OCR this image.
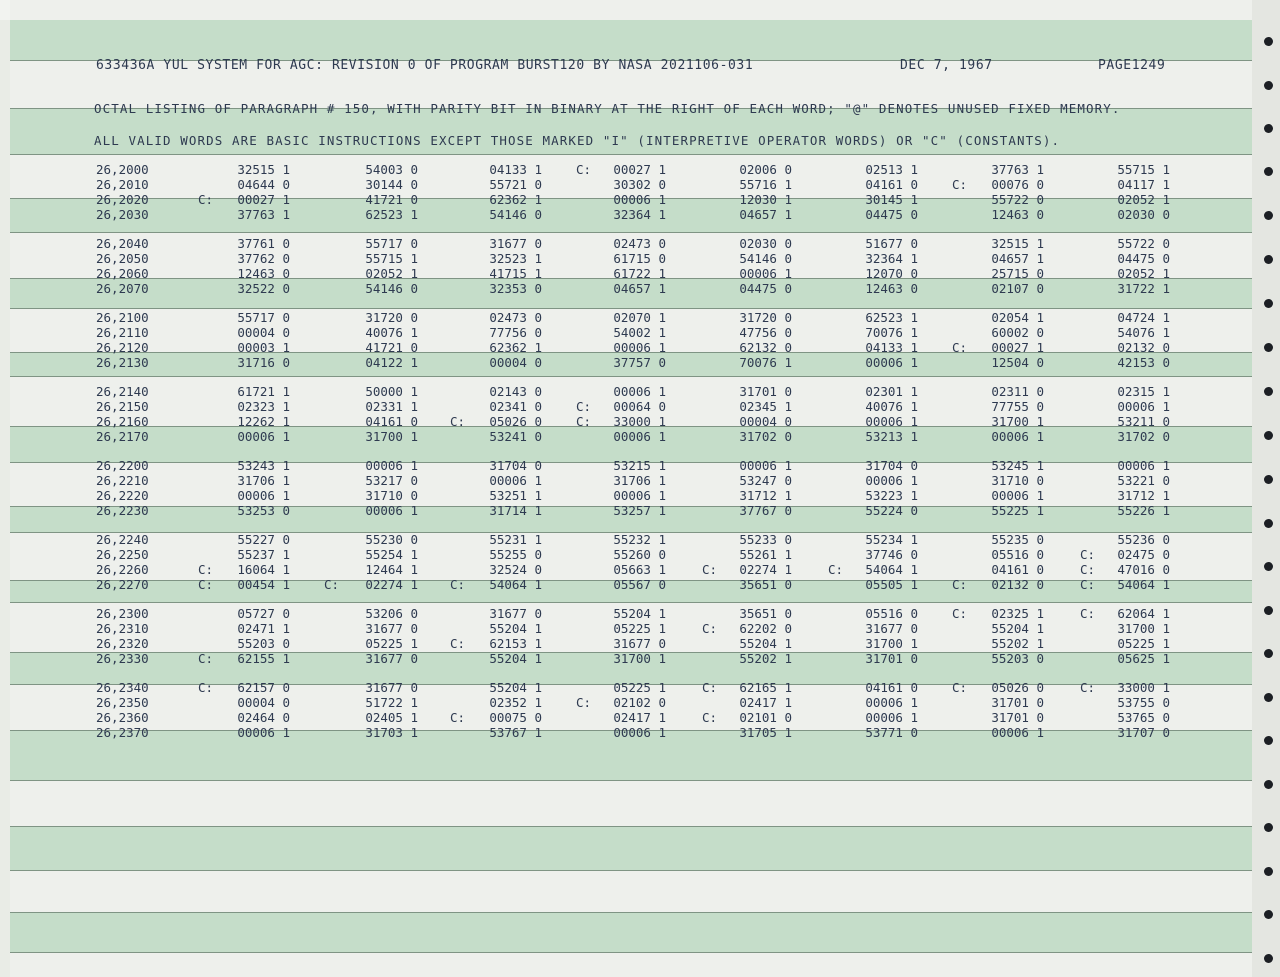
633436A YUL SYSTEM FOR AGC: REVISION 0 OF PROGRAM BURST120 BY NASA 2021106-031	DEC 7, 1967	PAGE1249
OCTAL LISTING OF PARAGRAPH # 150, WITH PARITY BIT IN BINARY AT THE RIGHT OF EACH WORD; "@" DENOTES UNUSED FIXED MEMORY.
ALL VALID WORDS ARE BASIC INSTRUCTIONS EXCEPT THOSE MARKED "I" (INTERPRETIVE OPERATOR WORDS) OR "C" (CONSTANTS).
26,2000	32515 1	54003 0	04133 1	C: 00027 1	02006 0	02513 1	37763 1	55715 1
26,2010	04644 0	30144 0	55721 0	30302 0	55716 1	04161 0	C: 00076 0	04117 1
26,2020	C: 00027 1	41721 0	62362 1	00006 1	12030 1	30145 1	55722 0	02052 1
26,2030	37763 1	62523 1	54146 0	32364 1	04657 1	04475 0	12463 0	02030 0
26,2040	37761 0	55717 0	31677 0	02473 0	02030 0	51677 0	32515 1	55722 0
26,2050	37762 0	55715 1	32523 1	61715 0	54146 0	32364 1	04657 1	04475 0
26,2060	12463 0	02052 1	41715 1	61722 1	00006 1	12070 0	25715 0	02052 1
26,2070	32522 0	54146 0	32353 0	04657 1	04475 0	12463 0	02107 0	31722 1
26,2100	55717 0	31720 0	02473 0	02070 1	31720 0	62523 1	02054 1	04724 1
26,2110	00004 0	40076 1	77756 0	54002 1	47756 0	70076 1	60002 0	54076 1
26,2120	00003 1	41721 0	62362 1	00006 1	62132 0	04133 1	C: 00027 1	02132 0
26,2130	31716 0	04122 1	00004 0	37757 0	70076 1	00006 1	12504 0	42153 0
26,2140	61721 1	50000 1	02143 0	00006 1	31701 0	02301 1	02311 0	02315 1
26,2150	02323 1	02331 1	02341 0	C: 00064 0	02345 1	40076 1	77755 0	00006 1
26,2160	12262 1	04161 0	C: 05026 0	C: 33000 1	00004 0	00006 1	31700 1	53211 0
26,2170	00006 1	31700 1	53241 0	00006 1	31702 0	53213 1	00006 1	31702 0
26,2200	53243 1	00006 1	31704 0	53215 1	00006 1	31704 0	53245 1	00006 1
26,2210	31706 1	53217 0	00006 1	31706 1	53247 0	00006 1	31710 0	53221 0
26,2220	00006 1	31710 0	53251 1	00006 1	31712 1	53223 1	00006 1	31712 1
26,2230	53253 0	00006 1	31714 1	53257 1	37767 0	55224 0	55225 1	55226 1
26,2240	55227 0	55230 0	55231 1	55232 1	55233 0	55234 1	55235 0	55236 0
26,2250	55237 1	55254 1	55255 0	55260 0	55261 1	37746 0	05516 0	C: 02475 0
26,2260	C: 16064 1	12464 1	32524 0	05663 1	C: 02274 1	C: 54064 1	04161 0	C: 47016 0
26,2270	C: 00454 1	C: 02274 1	C: 54064 1	05567 0	35651 0	05505 1	C: 02132 0	C: 54064 1
26,2300	05727 0	53206 0	31677 0	55204 1	35651 0	05516 0	C: 02325 1	C: 62064 1
26,2310	02471 1	31677 0	55204 1	05225 1	C: 62202 0	31677 0	55204 1	31700 1
26,2320	55203 0	05225 1	C: 62153 1	31677 0	55204 1	31700 1	55202 1	05225 1
26,2330	C: 62155 1	31677 0	55204 1	31700 1	55202 1	31701 0	55203 0	05625 1
26,2340	C: 62157 0	31677 0	55204 1	05225 1	C: 62165 1	04161 0	C: 05026 0	C: 33000 1
26,2350	00004 0	51722 1	02352 1	C: 02102 0	02417 1	00006 1	31701 0	53755 0
26,2360	02464 0	02405 1	C: 00075 0	02417 1	C: 02101 0	00006 1	31701 0	53765 0
26,2370	00006 1	31703 1	53767 1	00006 1	31705 1	53771 0	00006 1	31707 0
